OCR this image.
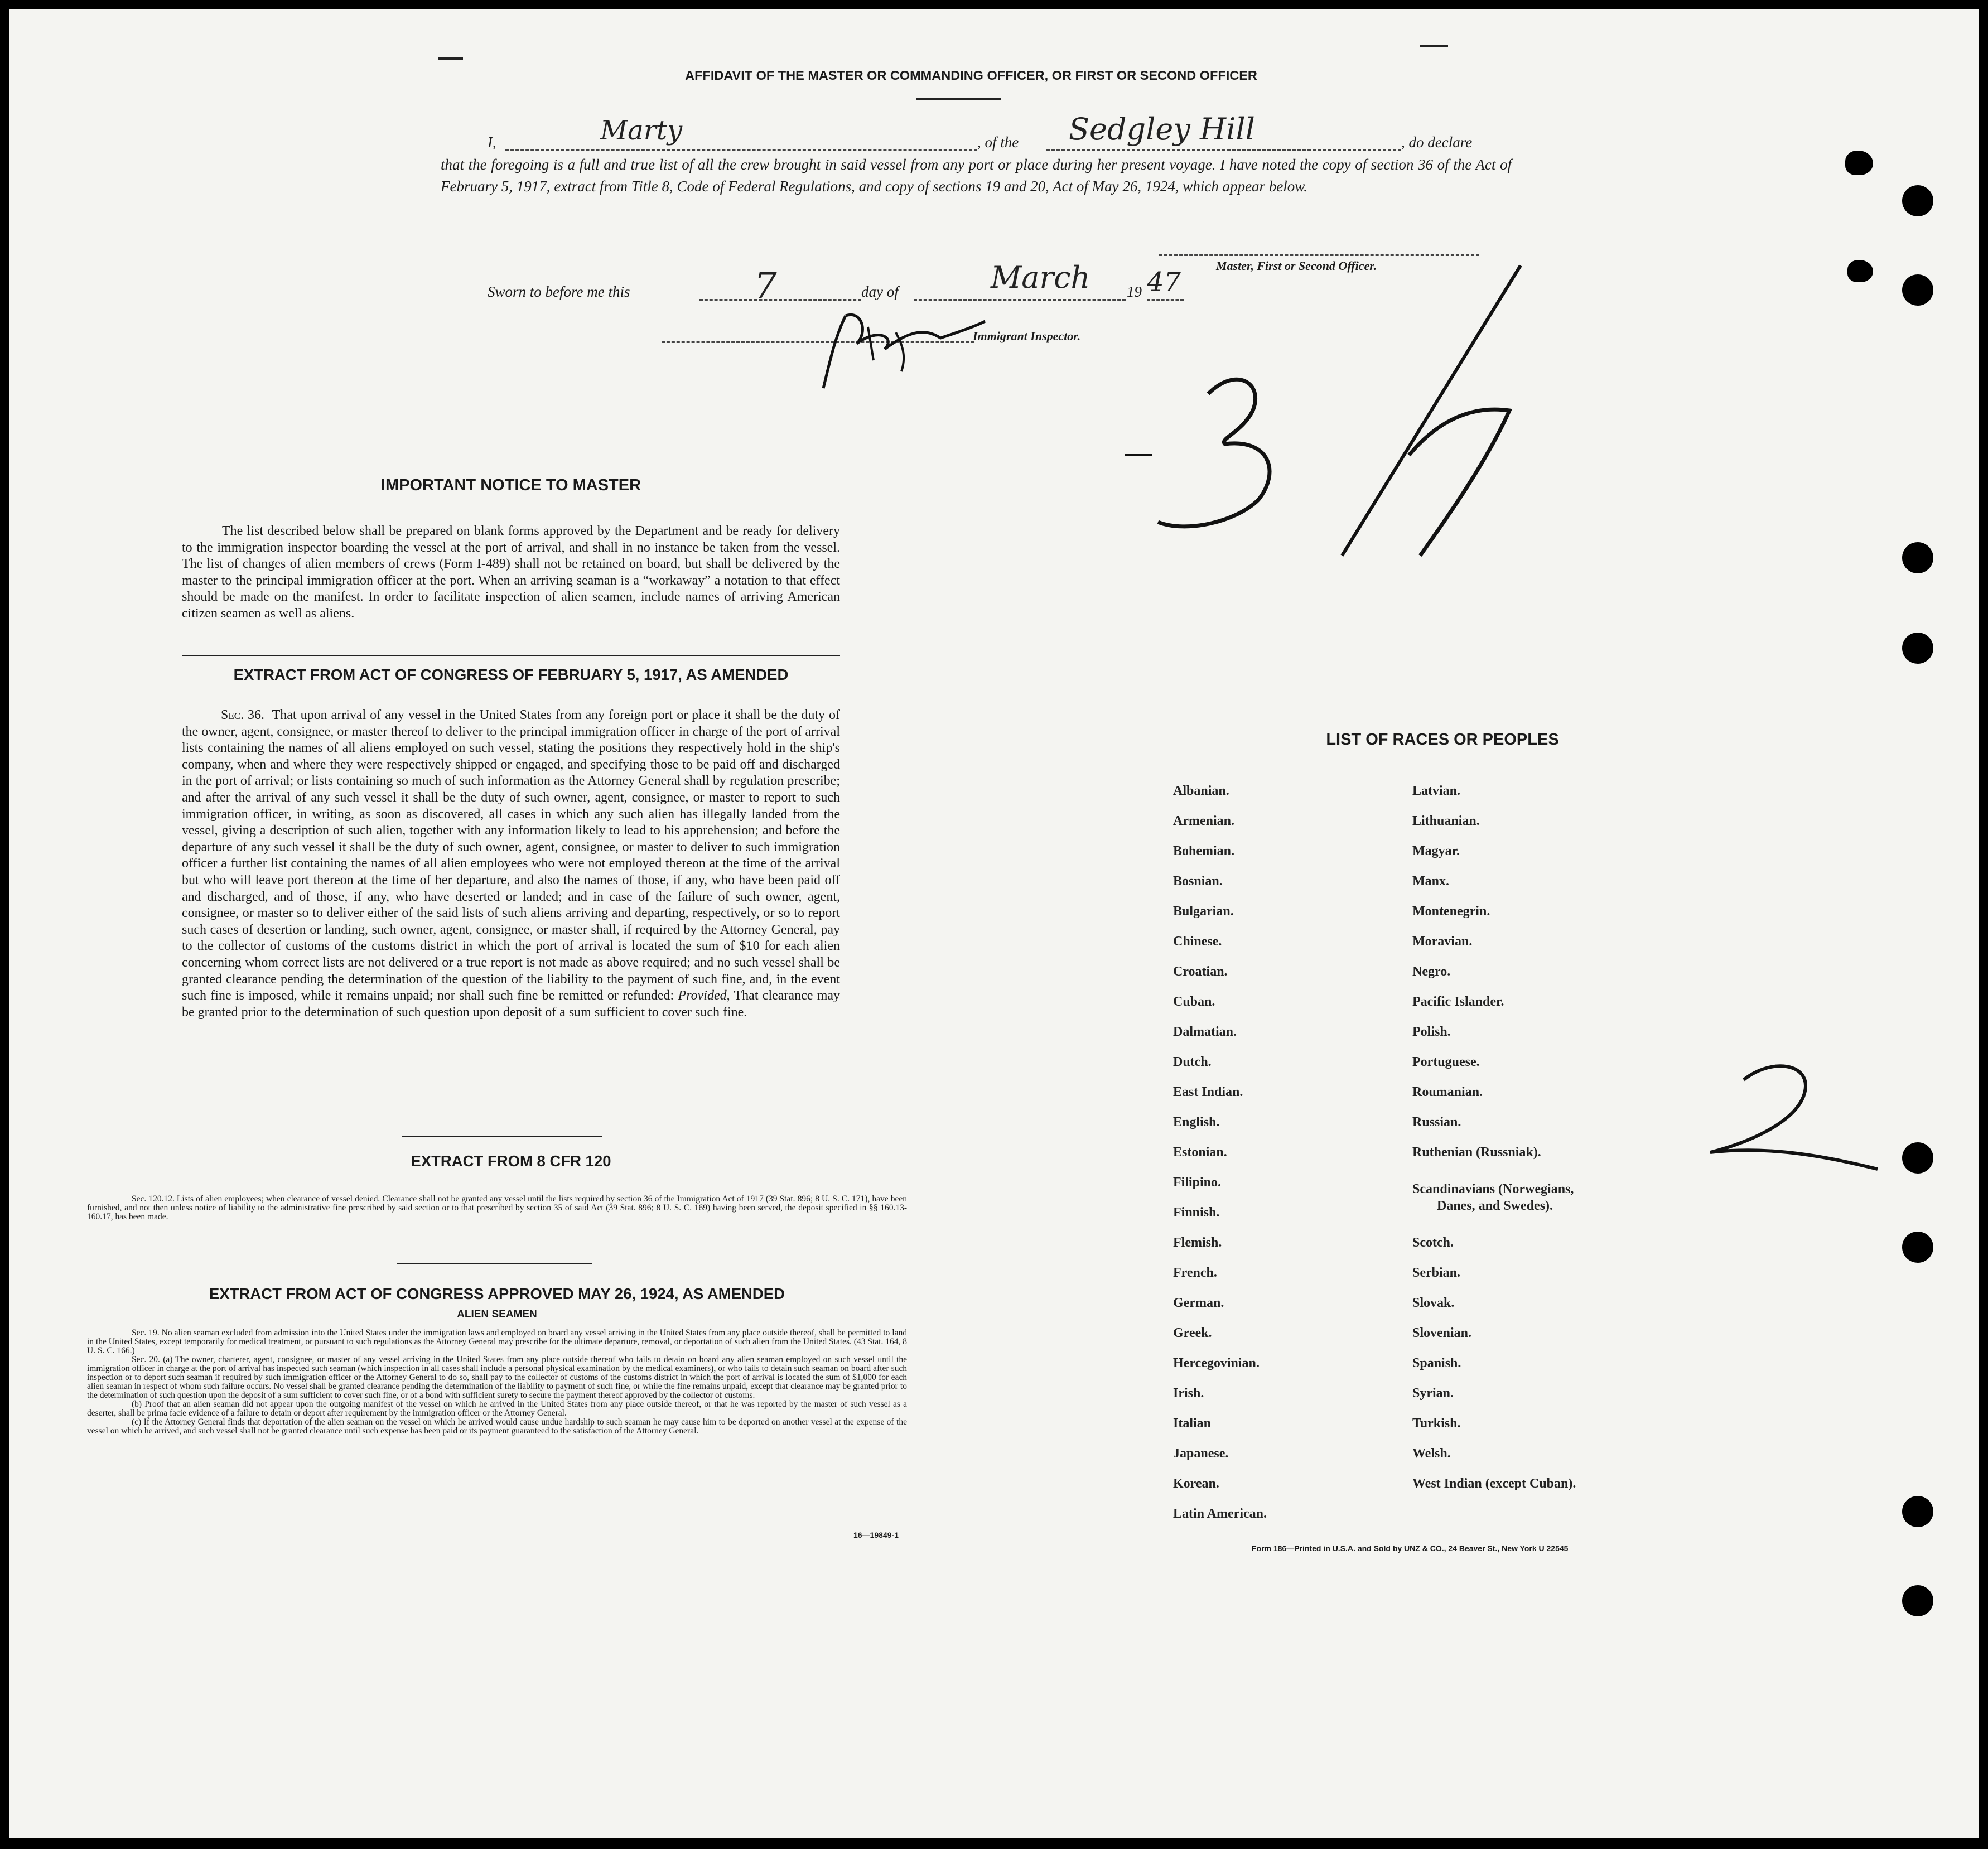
AFFIDAVIT OF THE MASTER OR COMMANDING OFFICER, OR FIRST OR SECOND OFFICER
I,	Marty	, of the Sedgley Hill	, do declare
that the foregoing is a full and true list of all the crew brought in said vessel from any port or place during her present voyage. I have noted the copy of section 36 of the Act of February 5, 1917, extract from Title 8, Code of Federal Regulations, and copy of sections 19 and 20, Act of May 26, 1924, which appear below.
Master, First or Second Officer.
Sworn to before me this	7	day of	March 19 47
Immigrant Inspector.
IMPORTANT NOTICE TO MASTER
The list described below shall be prepared on blank forms approved by the Department and be ready for delivery to the immigration inspector boarding the vessel at the port of arrival, and shall in no instance be taken from the vessel. The list of changes of alien members of crews (Form I-489) shall not be retained on board, but shall be delivered by the master to the principal immigration officer at the port. When an arriving seaman is a “workaway” a notation to that effect should be made on the manifest. In order to facilitate inspection of alien seamen, include names of arriving American citizen seamen as well as aliens.
EXTRACT FROM ACT OF CONGRESS OF FEBRUARY 5, 1917, AS AMENDED
Sec. 36. That upon arrival of any vessel in the United States from any foreign port or place it shall be the duty of the owner, agent, consignee, or master thereof to deliver to the principal immigration officer in charge of the port of arrival lists containing the names of all aliens employed on such vessel, stating the positions they respectively hold in the ship's company, when and where they were respectively shipped or engaged, and specifying those to be paid off and discharged in the port of arrival; or lists containing so much of such information as the Attorney General shall by regulation prescribe; and after the arrival of any such vessel it shall be the duty of such owner, agent, consignee, or master to report to such immigration officer, in writing, as soon as discovered, all cases in which any such alien has illegally landed from the vessel, giving a description of such alien, together with any information likely to lead to his apprehension; and before the departure of any such vessel it shall be the duty of such owner, agent, consignee, or master to deliver to such immigration officer a further list containing the names of all alien employees who were not employed thereon at the time of the arrival but who will leave port thereon at the time of her departure, and also the names of those, if any, who have been paid off and discharged, and of those, if any, who have deserted or landed; and in case of the failure of such owner, agent, consignee, or master so to deliver either of the said lists of such aliens arriving and departing, respectively, or so to report such cases of desertion or landing, such owner, agent, consignee, or master shall, if required by the Attorney General, pay to the collector of customs of the customs district in which the port of arrival is located the sum of $10 for each alien concerning whom correct lists are not delivered or a true report is not made as above required; and no such vessel shall be granted clearance pending the determination of the question of the liability to the payment of such fine, and, in the event such fine is imposed, while it remains unpaid; nor shall such fine be remitted or refunded: Provided, That clearance may be granted prior to the determination of such question upon deposit of a sum sufficient to cover such fine.
EXTRACT FROM 8 CFR 120
Sec. 120.12. Lists of alien employees; when clearance of vessel denied. Clearance shall not be granted any vessel until the lists required by section 36 of the Immigration Act of 1917 (39 Stat. 896; 8 U. S. C. 171), have been furnished, and not then unless notice of liability to the administrative fine prescribed by said section or to that prescribed by section 35 of said Act (39 Stat. 896; 8 U. S. C. 169) having been served, the deposit specified in §§ 160.13-160.17, has been made.
EXTRACT FROM ACT OF CONGRESS APPROVED MAY 26, 1924, AS AMENDED
ALIEN SEAMEN
Sec. 19. No alien seaman excluded from admission into the United States under the immigration laws and employed on board any vessel arriving in the United States from any place outside thereof, shall be permitted to land in the United States, except temporarily for medical treatment, or pursuant to such regulations as the Attorney General may prescribe for the ultimate departure, removal, or deportation of such alien from the United States. (43 Stat. 164, 8 U. S. C. 166.)
Sec. 20. (a) The owner, charterer, agent, consignee, or master of any vessel arriving in the United States from any place outside thereof who fails to detain on board any alien seaman employed on such vessel until the immigration officer in charge at the port of arrival has inspected such seaman (which inspection in all cases shall include a personal physical examination by the medical examiners), or who fails to detain such seaman on board after such inspection or to deport such seaman if required by such immigration officer or the Attorney General to do so, shall pay to the collector of customs of the customs district in which the port of arrival is located the sum of $1,000 for each alien seaman in respect of whom such failure occurs. No vessel shall be granted clearance pending the determination of the liability to payment of such fine, or while the fine remains unpaid, except that clearance may be granted prior to the determination of such question upon the deposit of a sum sufficient to cover such fine, or of a bond with sufficient surety to secure the payment thereof approved by the collector of customs.
(b) Proof that an alien seaman did not appear upon the outgoing manifest of the vessel on which he arrived in the United States from any place outside thereof, or that he was reported by the master of such vessel as a deserter, shall be prima facie evidence of a failure to detain or deport after requirement by the immigration officer or the Attorney General.
(c) If the Attorney General finds that deportation of the alien seaman on the vessel on which he arrived would cause undue hardship to such seaman he may cause him to be deported on another vessel at the expense of the vessel on which he arrived, and such vessel shall not be granted clearance until such expense has been paid or its payment guaranteed to the satisfaction of the Attorney General.
16—19849-1
LIST OF RACES OR PEOPLES
Albanian.
Armenian.
Bohemian.
Bosnian.
Bulgarian.
Chinese.
Croatian.
Cuban.
Dalmatian.
Dutch.
East Indian.
English.
Estonian.
Filipino.
Finnish.
Flemish.
French.
German.
Greek.
Hercegovinian.
Irish.
Italian
Japanese.
Korean.
Latin American.
Latvian.
Lithuanian.
Magyar.
Manx.
Montenegrin.
Moravian.
Negro.
Pacific Islander.
Polish.
Portuguese.
Roumanian.
Russian.
Ruthenian (Russniak).
Scandinavians (Norwegians,
Danes, and Swedes).
Scotch.
Serbian.
Slovak.
Slovenian.
Spanish.
Syrian.
Turkish.
Welsh.
West Indian (except Cuban).
Form 186—Printed in U.S.A. and Sold by UNZ & CO., 24 Beaver St., New York U 22545
